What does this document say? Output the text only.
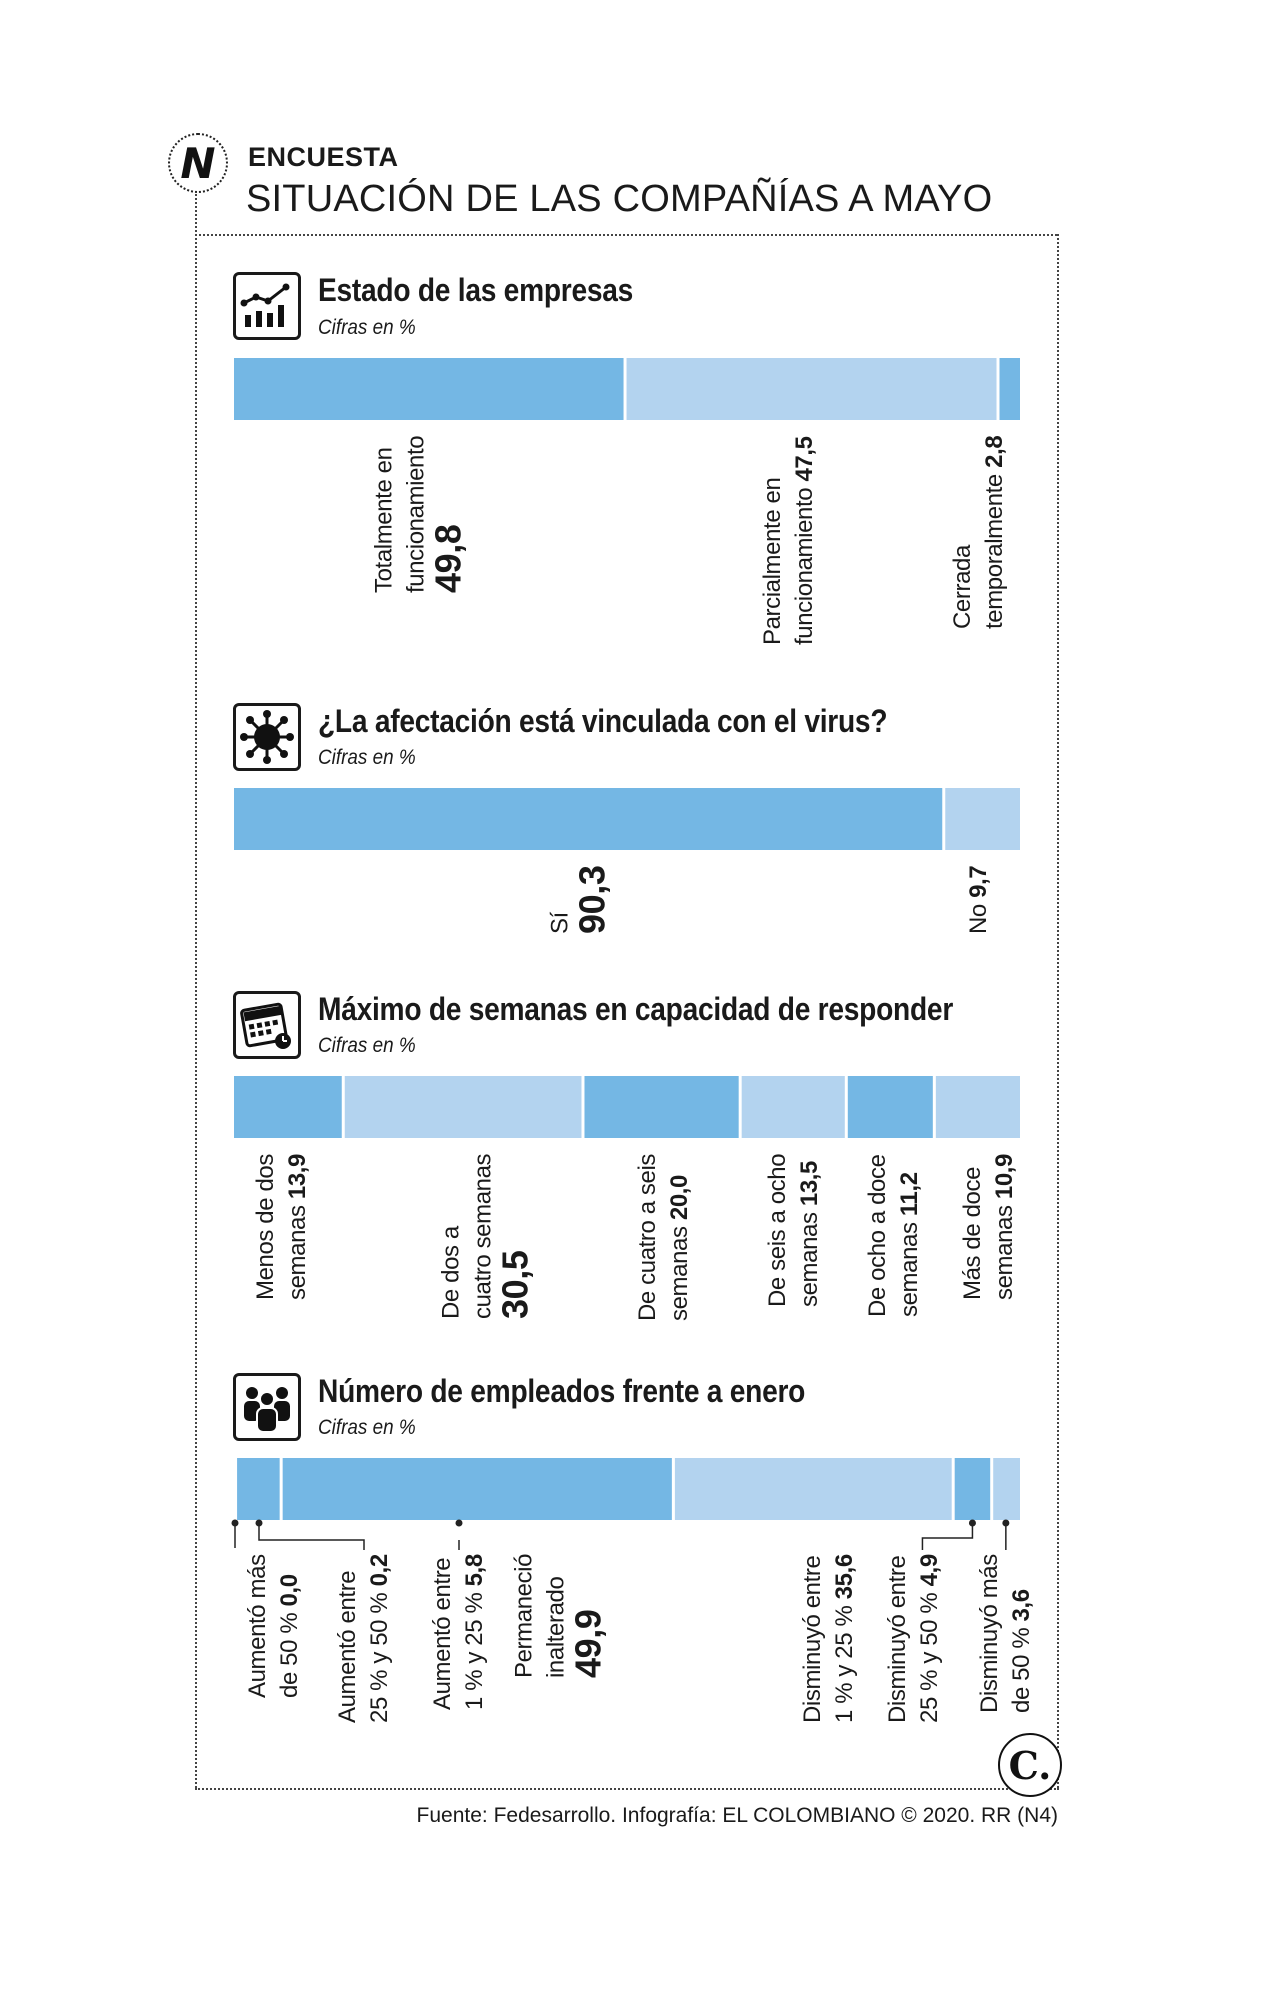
N	ENCUESTA
SITUACIÓN DE LAS COMPAÑÍAS A MAYO
Estado de las empresas
Cifras en %
Totalmente en funcionamiento
49,8	Parcialmente en funcionamiento 47,5
Cerrada temporalmente 2,8
¿La afectación está vinculada con el virus?
Cifras en %
Sí
90,3	No 9,7
Máximo de semanas en capacidad de responder
Cifras en %
Menos de dos semanas 13,9
De dos a cuatro semanas
30,5	De cuatro a seis semanas 20,0	De seis a ocho semanas 13,5 De ocho a doce semanas 11,2 Más de doce semanas 10,9
Número de empleados frente a enero
Cifras en %
Aumentó más de 50 % 0,0 Aumentó entre 25 % y 50 % 0,2 Aumentó entre 1 % y 25 % 5,8 Permaneció inalterado
49,9	Disminuyó entre 1 % y 25 % 35,6 Disminuyó entre 25 % y 50 % 4,9 Disminuyó más de 50 % 3,6
C.
Fuente: Fedesarrollo. Infografía: EL COLOMBIANO © 2020. RR (N4)
